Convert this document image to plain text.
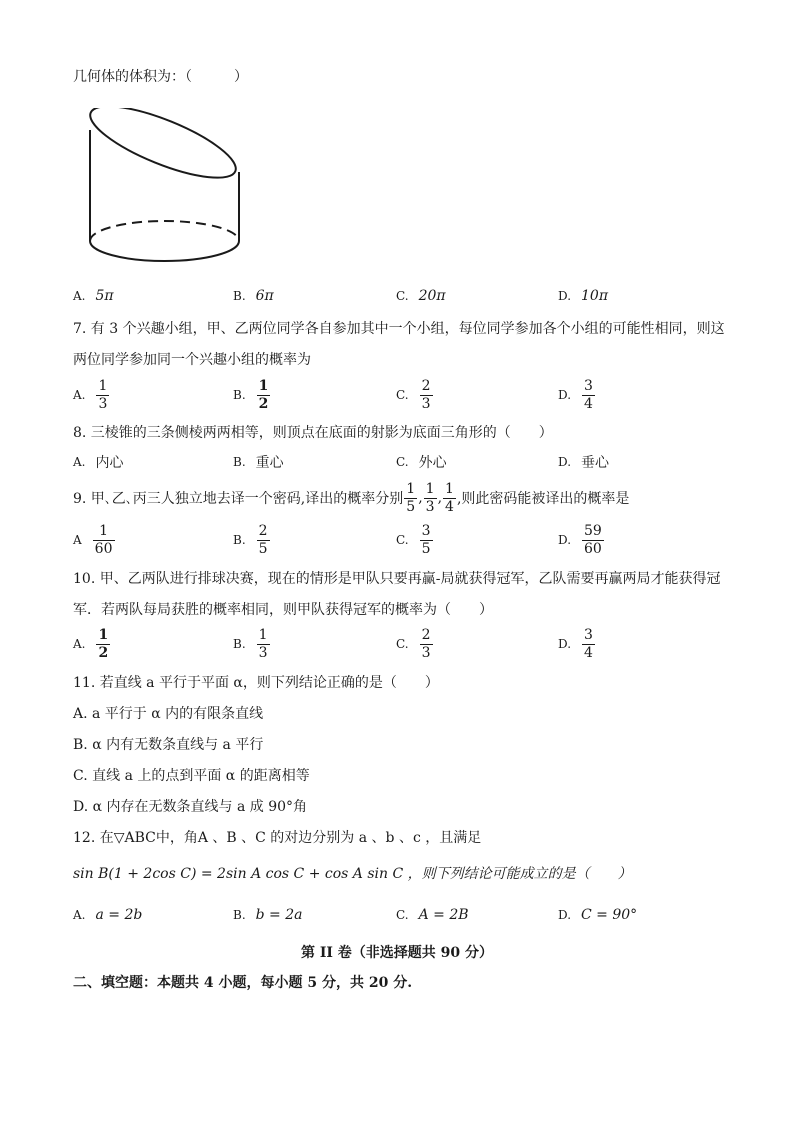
几何体的体积为：（　　　）
A. 5π	B. 6π	C. 20π	D. 10π
7. 有 3 个兴趣小组，甲、乙两位同学各自参加其中一个小组，每位同学参加各个小组的可能性相同，则这
两位同学参加同一个兴趣小组的概率为
A. $\frac{1}{3}$	B. $\frac{1}{2}$	C. $\frac{2}{3}$	D. $\frac{3}{4}$
8. 三棱锥的三条侧棱两两相等，则顶点在底面的射影为底面三角形的（　　）
A. 内心	B. 重心	C. 外心	D. 垂心
9. 甲､乙､丙三人独立地去译一个密码,译出的概率分别 $\frac{1}{5}$ , $\frac{1}{3}$ , $\frac{1}{4}$ ,则此密码能被译出的概率是
A $\frac{1}{60}$	B. $\frac{2}{5}$	C. $\frac{3}{5}$	D. $\frac{59}{60}$
10. 甲、乙两队进行排球决赛，现在的情形是甲队只要再赢-局就获得冠军，乙队需要再赢两局才能获得冠
军．若两队每局获胜的概率相同，则甲队获得冠军的概率为（　　）
A. $\frac{1}{2}$	B. $\frac{1}{3}$	C. $\frac{2}{3}$	D. $\frac{3}{4}$
11. 若直线 a 平行于平面 α，则下列结论正确的是（　　）
A. a 平行于 α 内的有限条直线
B. α 内有无数条直线与 a 平行
C. 直线 a 上的点到平面 α 的距离相等
D. α 内存在无数条直线与 a 成 90°角
12. 在▽ABC中，角A 、B 、C 的对边分别为 a 、b 、c ，且满足
sin B(1 + 2cos C) = 2sin A cos C + cos A sin C ，则下列结论可能成立的是（　　）
A. a = 2b	B. b = 2a	C. A = 2B	D. C = 90°
第 II 卷（非选择题共 90 分）
二、填空题：本题共 4 小题，每小题 5 分，共 20 分.
